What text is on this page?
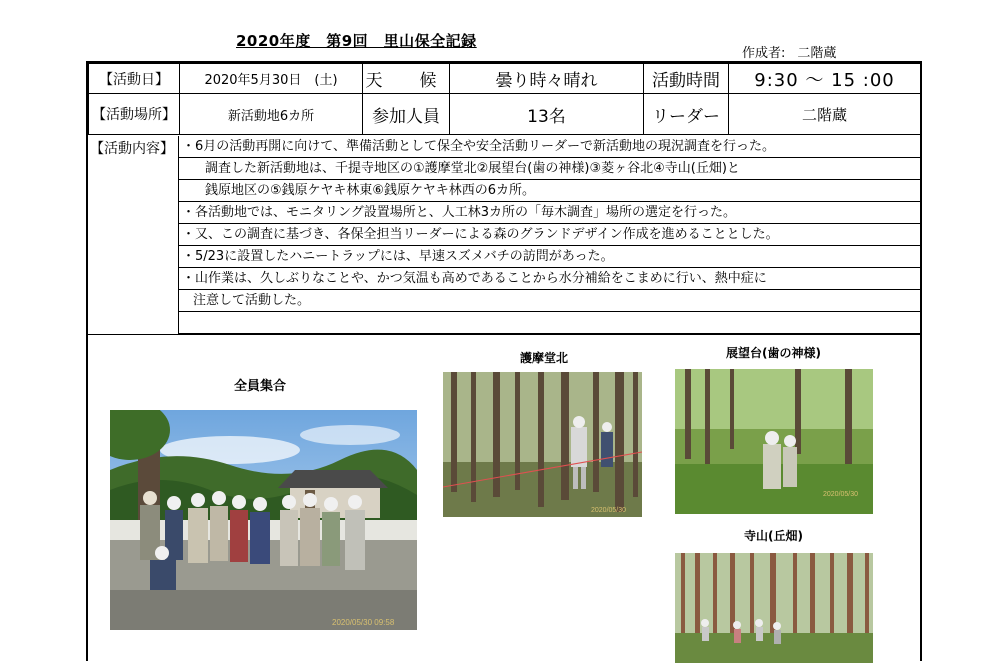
2020年度　第9回　里山保全記録
作成者: 二階蔵
【活動日】	2020年5月30日　(土)	天　候	曇り時々晴れ	活動時間	9:30 ～ 15 :00
【活動場所】	新活動地6カ所	参加人員	13名	リーダー	二階蔵
【活動内容】 ・6月の活動再開に向けて、準備活動として保全や安全活動リーダーで新活動地の現況調査を行った。
調査した新活動地は、千提寺地区の①護摩堂北②展望台(歯の神様)③菱ヶ谷北④寺山(丘畑)と
銭原地区の⑤銭原ケヤキ林東⑥銭原ケヤキ林西の6カ所。
・各活動地では、モニタリング設置場所と、人工林3カ所の「毎木調査」場所の選定を行った。
・又、この調査に基づき、各保全担当リーダーによる森のグランドデザイン作成を進めることとした。
・5/23に設置したハニートラップには、早速スズメバチの訪問があった。
・山作業は、久しぶりなことや、かつ気温も高めであることから水分補給をこまめに行い、熱中症に
注意して活動した。
全員集合
護摩堂北	展望台(歯の神様)
寺山(丘畑)
2020/05/30 09:58
2020/05/30
2020/05/30
